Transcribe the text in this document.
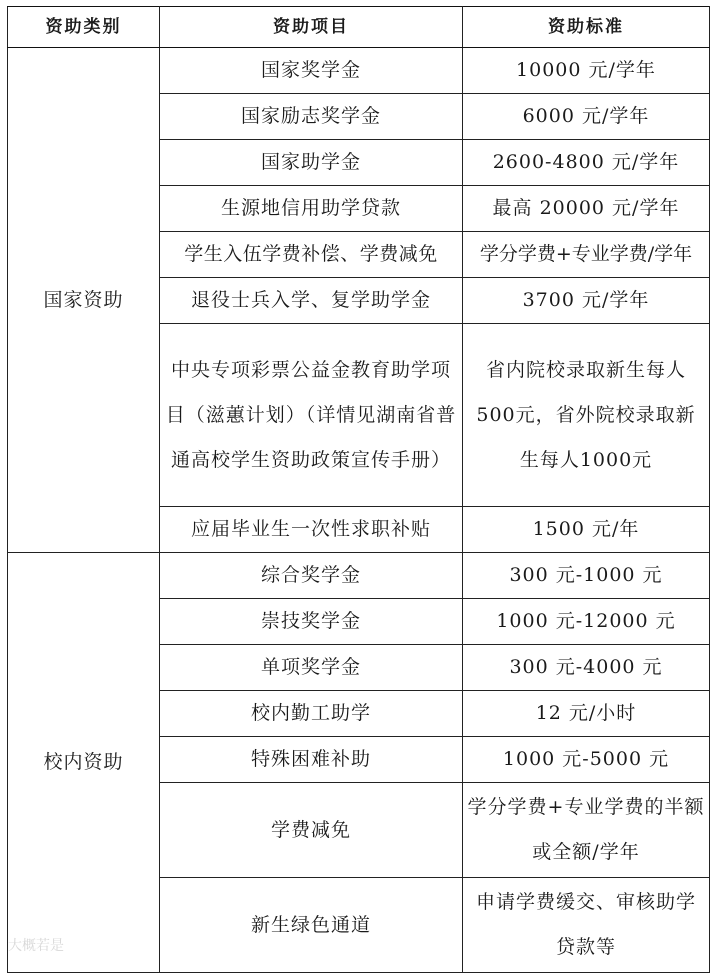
资助类别	资助项目	资助标准
国家资助	国家奖学金	10000 元/学年
	国家励志奖学金	6000 元/学年
	国家助学金	2600-4800 元/学年
	生源地信用助学贷款	最高 20000 元/学年
	学生入伍学费补偿、学费减免	学分学费+专业学费/学年
	退役士兵入学、复学助学金	3700 元/学年
	中央专项彩票公益金教育助学项目（滋蕙计划）（详情见湖南省普通高校学生资助政策宣传手册）	省内院校录取新生每人500元，省外院校录取新生每人1000元
	应届毕业生一次性求职补贴	1500 元/年
校内资助	综合奖学金	300 元-1000 元
	崇技奖学金	1000 元-12000 元
	单项奖学金	300 元-4000 元
	校内勤工助学	12 元/小时
	特殊困难补助	1000 元-5000 元
	学费减免	学分学费+专业学费的半额或全额/学年
	新生绿色通道	申请学费缓交、审核助学贷款等
大概若是
